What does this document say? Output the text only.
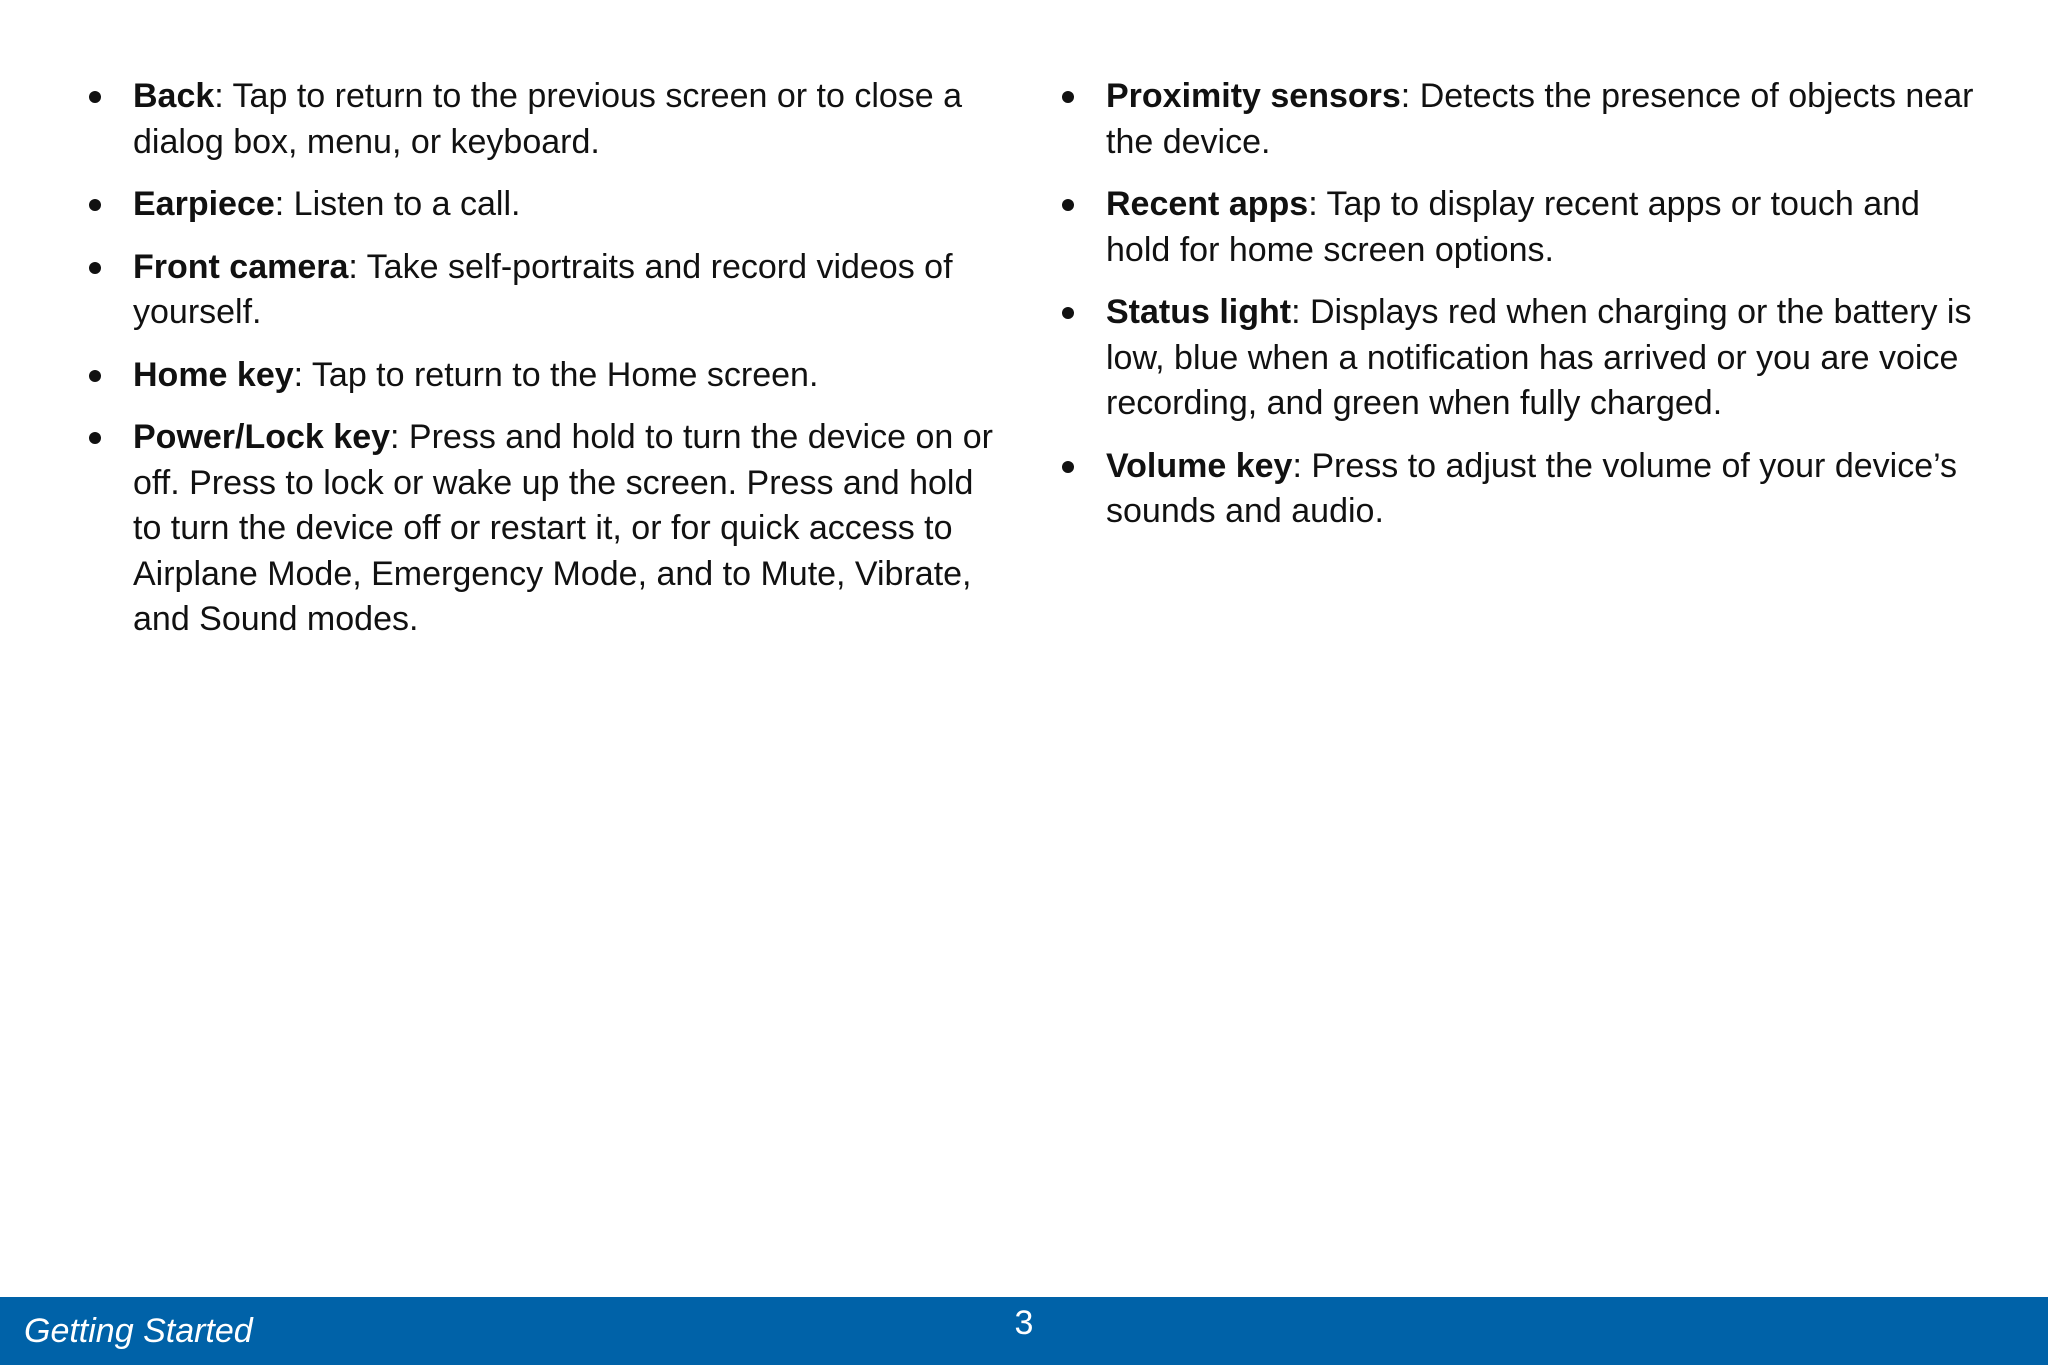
Back: Tap to return to the previous screen or to close a dialog box, menu, or keyboard.
Earpiece: Listen to a call.
Front camera: Take self-portraits and record videos of yourself.
Home key: Tap to return to the Home screen.
Power/Lock key: Press and hold to turn the device on or off. Press to lock or wake up the screen. Press and hold to turn the device off or restart it, or for quick access to Airplane Mode, Emergency Mode, and to Mute, Vibrate, and Sound modes.
Proximity sensors: Detects the presence of objects near the device.
Recent apps: Tap to display recent apps or touch and hold for home screen options.
Status light: Displays red when charging or the battery is low, blue when a notification has arrived or you are voice recording, and green when fully charged.
Volume key: Press to adjust the volume of your device’s sounds and audio.
Getting Started	3
